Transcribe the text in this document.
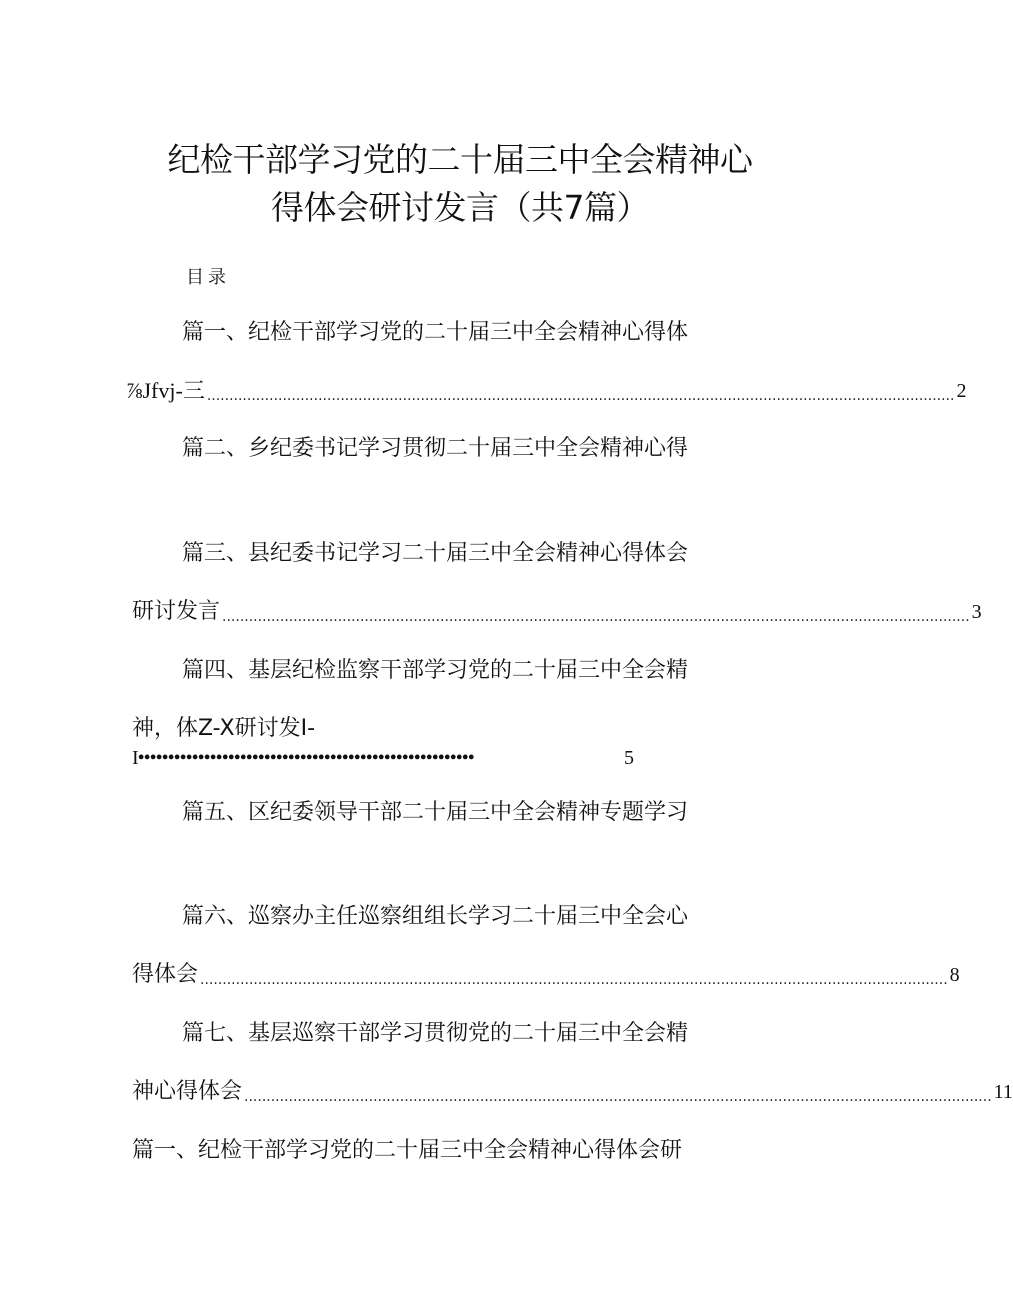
纪检干部学习党的二十届三中全会精神心
得体会研讨发言（共7篇）
目录
篇一、纪检干部学习党的二十届三中全会精神心得体
⅞Jfvj-三 ........................................................................................................................................................................ 2
篇二、乡纪委书记学习贯彻二十届三中全会精神心得
篇三、县纪委书记学习二十届三中全会精神心得体会
研讨发言 ........................................................................................................................................................................ 3
篇四、基层纪检监察干部学习党的二十届三中全会精
神，体Z-X研讨发I-
I••••••••••••••••••••••••••••••••••••••••••••••••••••••••	5
篇五、区纪委领导干部二十届三中全会精神专题学习
篇六、巡察办主任巡察组组长学习二十届三中全会心
得体会 ........................................................................................................................................................................ 8
篇七、基层巡察干部学习贯彻党的二十届三中全会精
神心得体会 ........................................................................................................................................................................ 11
篇一、纪检干部学习党的二十届三中全会精神心得体会研
